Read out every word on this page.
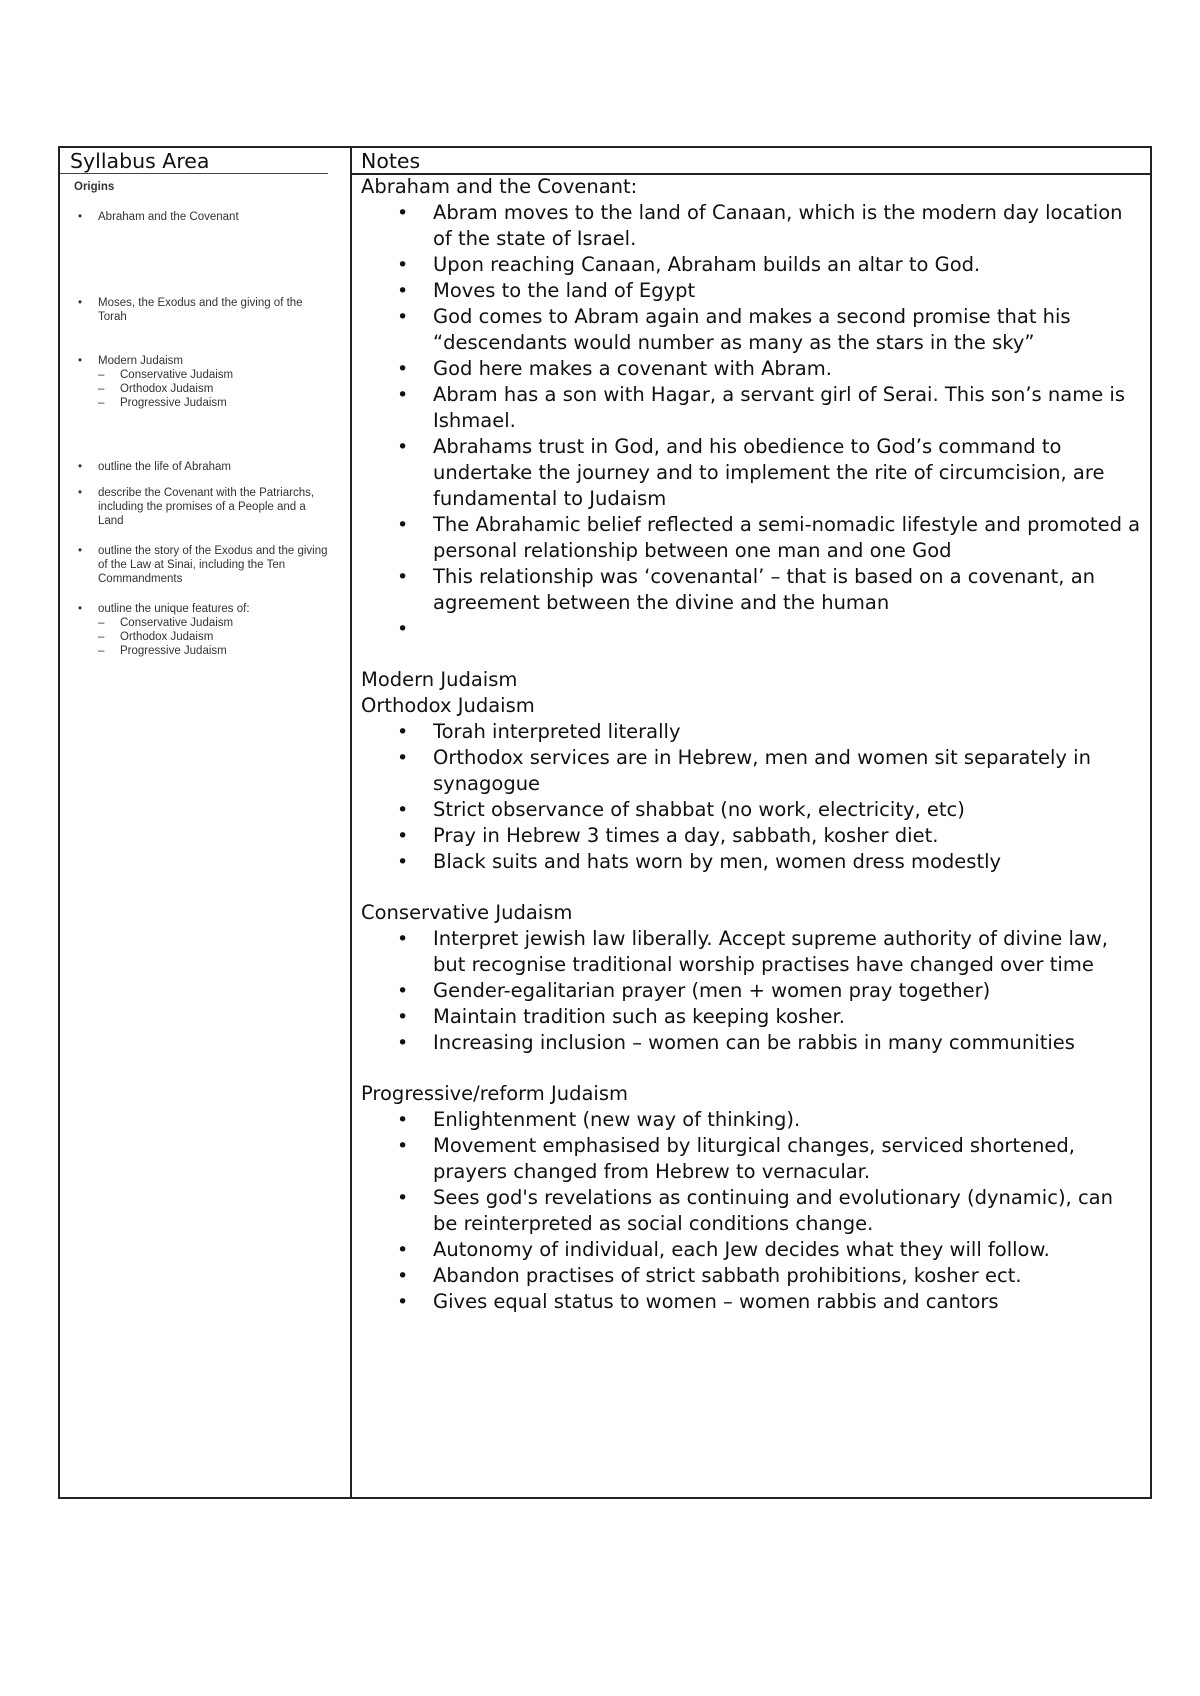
Syllabus Area	Notes
Origins
• Abraham and the Covenant
• Moses, the Exodus and the giving of the Torah
• Modern Judaism
– Conservative Judaism
– Orthodox Judaism
– Progressive Judaism
• outline the life of Abraham
• describe the Covenant with the Patriarchs, including the promises of a People and a Land
• outline the story of the Exodus and the giving of the Law at Sinai, including the Ten Commandments
• outline the unique features of:
– Conservative Judaism
– Orthodox Judaism
– Progressive Judaism

Abraham and the Covenant:

• Abram moves to the land of Canaan, which is the modern day location of the state of Israel.
• Upon reaching Canaan, Abraham builds an altar to God.
• Moves to the land of Egypt
• God comes to Abram again and makes a second promise that his “descendants would number as many as the stars in the sky”
• God here makes a covenant with Abram.
• Abram has a son with Hagar, a servant girl of Serai. This son’s name is Ishmael.
• Abrahams trust in God, and his obedience to God’s command to undertake the journey and to implement the rite of circumcision, are fundamental to Judaism
• The Abrahamic belief reflected a semi-nomadic lifestyle and promoted a personal relationship between one man and one God
• This relationship was ‘covenantal’ – that is based on a covenant, an agreement between the divine and the human
•

Modern Judaism

Orthodox Judaism

• Torah interpreted literally
• Orthodox services are in Hebrew, men and women sit separately in synagogue
• Strict observance of shabbat (no work, electricity, etc)
• Pray in Hebrew 3 times a day, sabbath, kosher diet.
• Black suits and hats worn by men, women dress modestly

Conservative Judaism

• Interpret jewish law liberally. Accept supreme authority of divine law, but recognise traditional worship practises have changed over time
• Gender-egalitarian prayer (men + women pray together)
• Maintain tradition such as keeping kosher.
• Increasing inclusion – women can be rabbis in many communities

Progressive/reform Judaism

• Enlightenment (new way of thinking).
• Movement emphasised by liturgical changes, serviced shortened, prayers changed from Hebrew to vernacular.
• Sees god's revelations as continuing and evolutionary (dynamic), can be reinterpreted as social conditions change.
• Autonomy of individual, each Jew decides what they will follow.
• Abandon practises of strict sabbath prohibitions, kosher ect.
• Gives equal status to women – women rabbis and cantors
